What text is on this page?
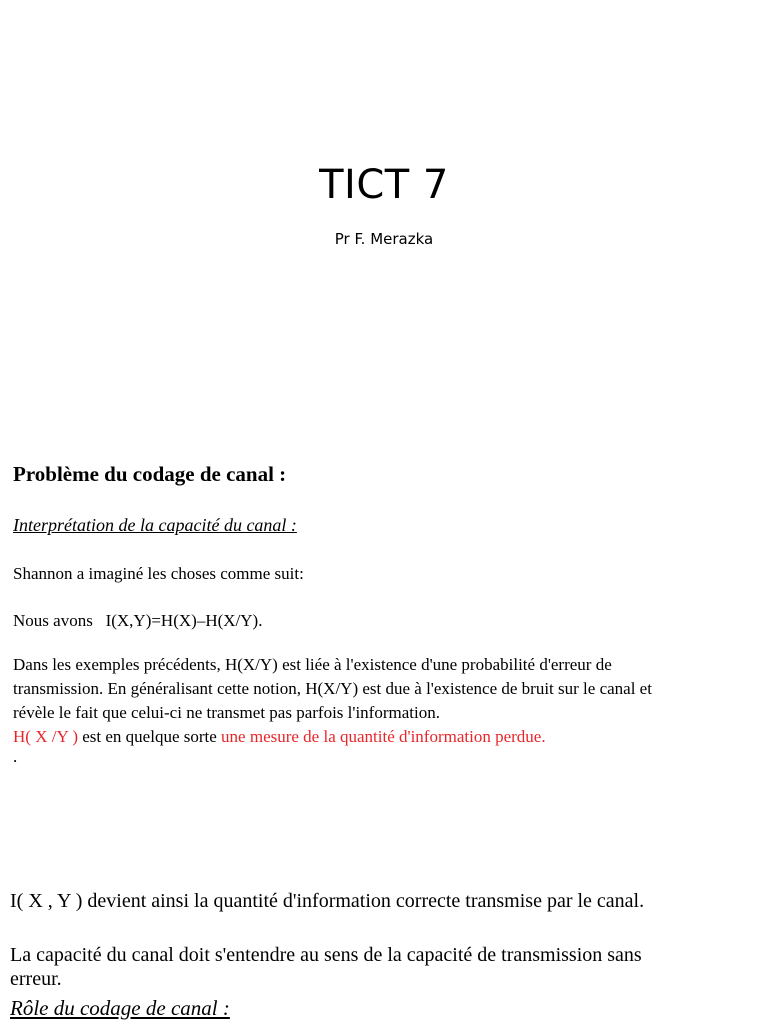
TICT 7
Pr F. Merazka
Problème du codage de canal :
Interprétation de la capacité du canal :
Shannon a imaginé les choses comme suit:
Nous avons I(X,Y)=H(X)–H(X/Y).
Dans les exemples précédents, H(X/Y) est liée à l'existence d'une probabilité d'erreur de
transmission. En généralisant cette notion, H(X/Y) est due à l'existence de bruit sur le canal et
révèle le fait que celui-ci ne transmet pas parfois l'information.
H( X /Y ) est en quelque sorte une mesure de la quantité d'information perdue.
.
I( X , Y ) devient ainsi la quantité d'information correcte transmise par le canal.
La capacité du canal doit s'entendre au sens de la capacité de transmission sans
erreur.
Rôle du codage de canal :
